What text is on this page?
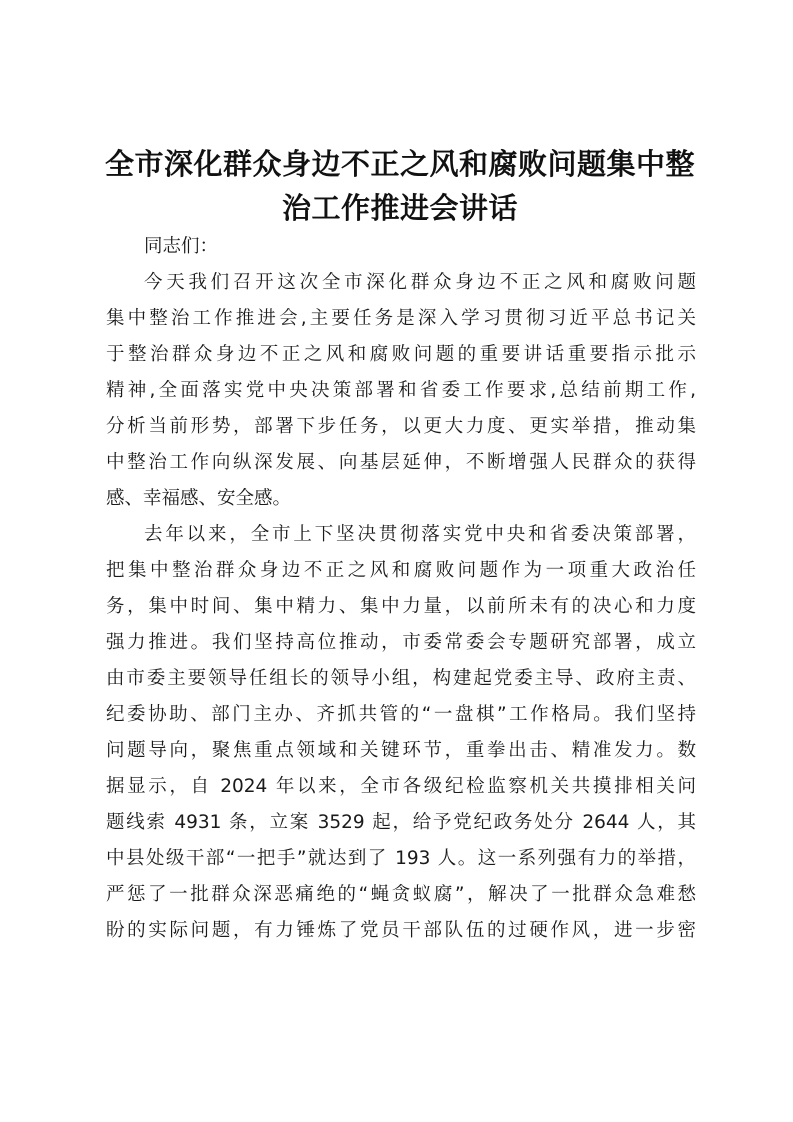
全市深化群众身边不正之风和腐败问题集中整
治工作推进会讲话

同志们：

今天我们召开这次全市深化群众身边不正之风和腐败问题
集中整治工作推进会,主要任务是深入学习贯彻习近平总书记关
于整治群众身边不正之风和腐败问题的重要讲话重要指示批示
精神,全面落实党中央决策部署和省委工作要求,总结前期工作,
分析当前形势，部署下步任务，以更大力度、更实举措，推动集
中整治工作向纵深发展、向基层延伸，不断增强人民群众的获得
感、幸福感、安全感。

去年以来，全市上下坚决贯彻落实党中央和省委决策部署，
把集中整治群众身边不正之风和腐败问题作为一项重大政治任
务，集中时间、集中精力、集中力量，以前所未有的决心和力度
强力推进。我们坚持高位推动，市委常委会专题研究部署，成立
由市委主要领导任组长的领导小组，构建起党委主导、政府主责、
纪委协助、部门主办、齐抓共管的“一盘棋”工作格局。我们坚持
问题导向，聚焦重点领域和关键环节，重拳出击、精准发力。数
据显示，自 2024 年以来，全市各级纪检监察机关共摸排相关问
题线索 4931 条，立案 3529 起，给予党纪政务处分 2644 人，其
中县处级干部“一把手”就达到了 193 人。这一系列强有力的举措，
严惩了一批群众深恶痛绝的“蝇贪蚁腐”，解决了一批群众急难愁
盼的实际问题，有力锤炼了党员干部队伍的过硬作风，进一步密
